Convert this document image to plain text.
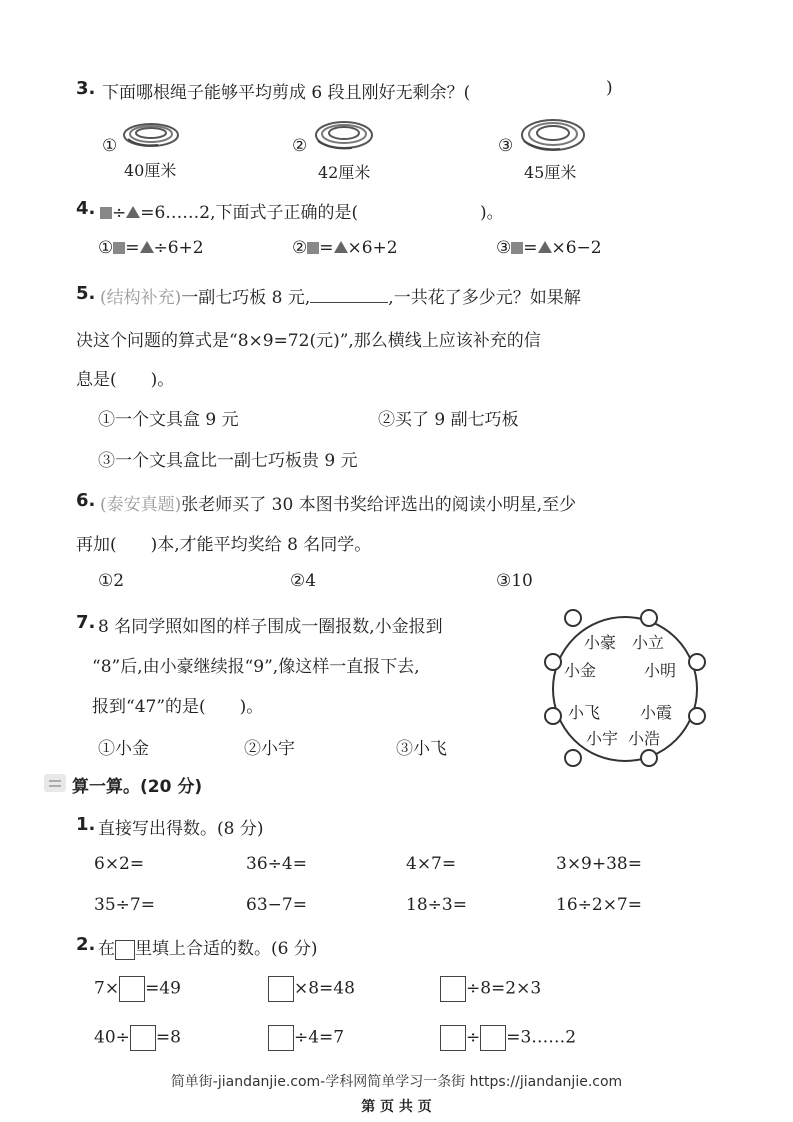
3. 下面哪根绳子能够平均剪成 6 段且刚好无剩余？(	)
①
40厘米
②
42厘米
③
45厘米
4. ÷ =6……2,下面式子正确的是(	)。
① = ÷6+2	② = ×6+2	③ = ×6−2
5. (结构补充)一副七巧板 8 元,	,一共花了多少元？如果解
决这个问题的算式是“8×9=72(元)”,那么横线上应该补充的信
息是(　　)。
①一个文具盒 9 元	②买了 9 副七巧板
③一个文具盒比一副七巧板贵 9 元
6. (泰安真题)张老师买了 30 本图书奖给评选出的阅读小明星,至少
再加(　　)本,才能平均奖给 8 名同学。
①2	②4	③10
7. 8 名同学照如图的样子围成一圈报数,小金报到
“8”后,由小豪继续报“9”,像这样一直报下去,
报到“47”的是(　　)。
①小金	②小宇	③小飞
小豪 小立
小金	小明
小飞 小霞
小宇 小浩
算一算。(20 分)
1. 直接写出得数。(8 分)
6×2=	36÷4=	4×7=	3×9+38=
35÷7=	63−7=	18÷3=	16÷2×7=
2. 在 里填上合适的数。(6 分)
7× =49	×8=48	÷8=2×3
40÷ =8	÷4=7	÷ =3……2
简单街-jiandanjie.com-学科网简单学习一条街 https://jiandanjie.com
第 页 共 页
